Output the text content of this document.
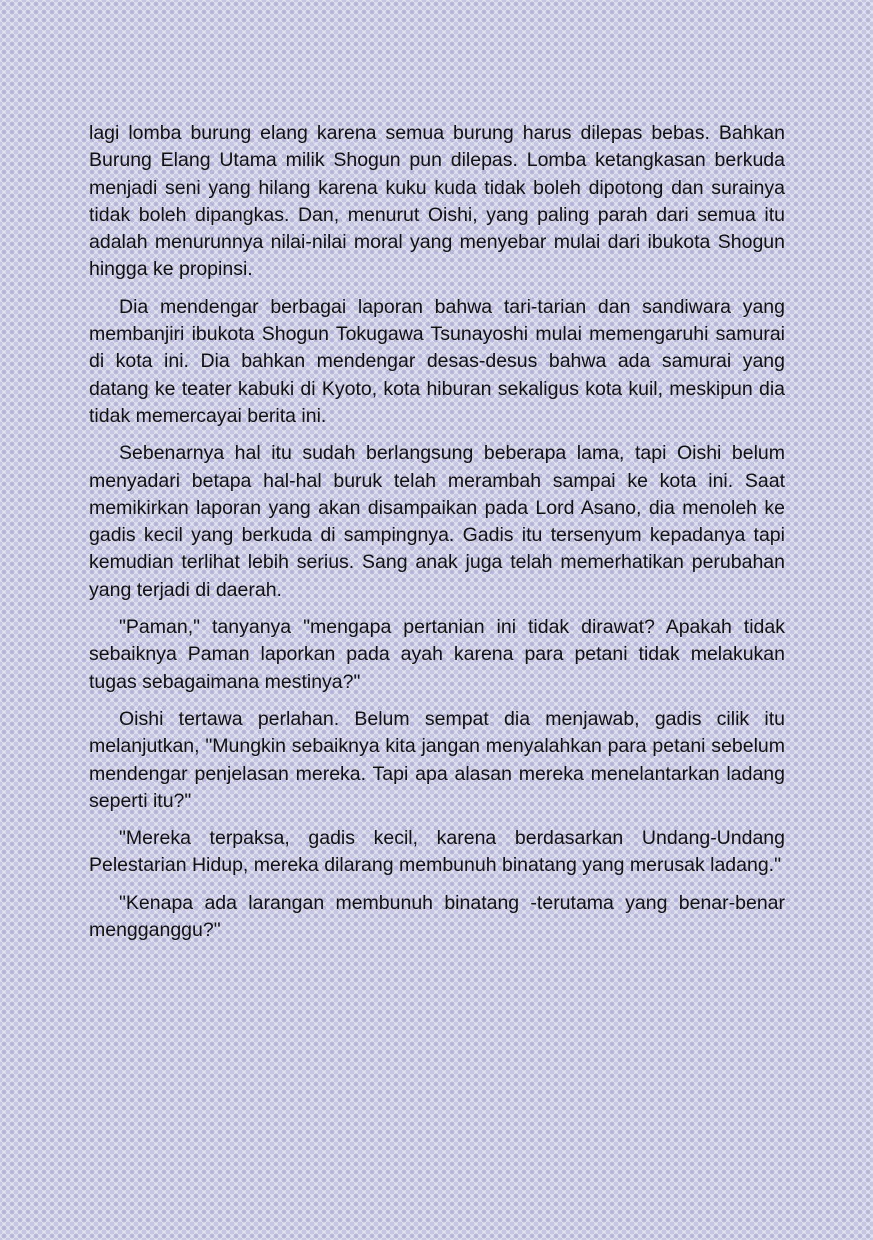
lagi lomba burung elang karena semua burung harus dilepas bebas. Bahkan Burung Elang Utama milik Shogun pun dilepas. Lomba ketangkasan berkuda menjadi seni yang hilang karena kuku kuda tidak boleh dipotong dan surainya tidak boleh dipangkas. Dan, menurut Oishi, yang paling parah dari semua itu adalah menurunnya nilai-nilai moral yang menyebar mulai dari ibukota Shogun hingga ke propinsi.

Dia mendengar berbagai laporan bahwa tari-tarian dan sandiwara yang membanjiri ibukota Shogun Tokugawa Tsunayoshi mulai memengaruhi samurai di kota ini. Dia bahkan mendengar desas-desus bahwa ada samurai yang datang ke teater kabuki di Kyoto, kota hiburan sekaligus kota kuil, meskipun dia tidak memercayai berita ini.

Sebenarnya hal itu sudah berlangsung beberapa lama, tapi Oishi belum menyadari betapa hal-hal buruk telah merambah sampai ke kota ini. Saat memikirkan laporan yang akan disampaikan pada Lord Asano, dia menoleh ke gadis kecil yang berkuda di sampingnya. Gadis itu tersenyum kepadanya tapi kemudian terlihat lebih serius. Sang anak juga telah memerhatikan perubahan yang terjadi di daerah.

"Paman," tanyanya "mengapa pertanian ini tidak dirawat? Apakah tidak sebaiknya Paman laporkan pada ayah karena para petani tidak melakukan tugas sebagaimana mestinya?"

Oishi tertawa perlahan. Belum sempat dia menjawab, gadis cilik itu melanjutkan, "Mungkin sebaiknya kita jangan menyalahkan para petani sebelum mendengar penjelasan mereka. Tapi apa alasan mereka menelantarkan ladang seperti itu?"

"Mereka terpaksa, gadis kecil, karena berdasarkan Undang-Undang Pelestarian Hidup, mereka dilarang membunuh binatang yang merusak ladang."

"Kenapa ada larangan membunuh binatang -terutama yang benar-benar mengganggu?"
